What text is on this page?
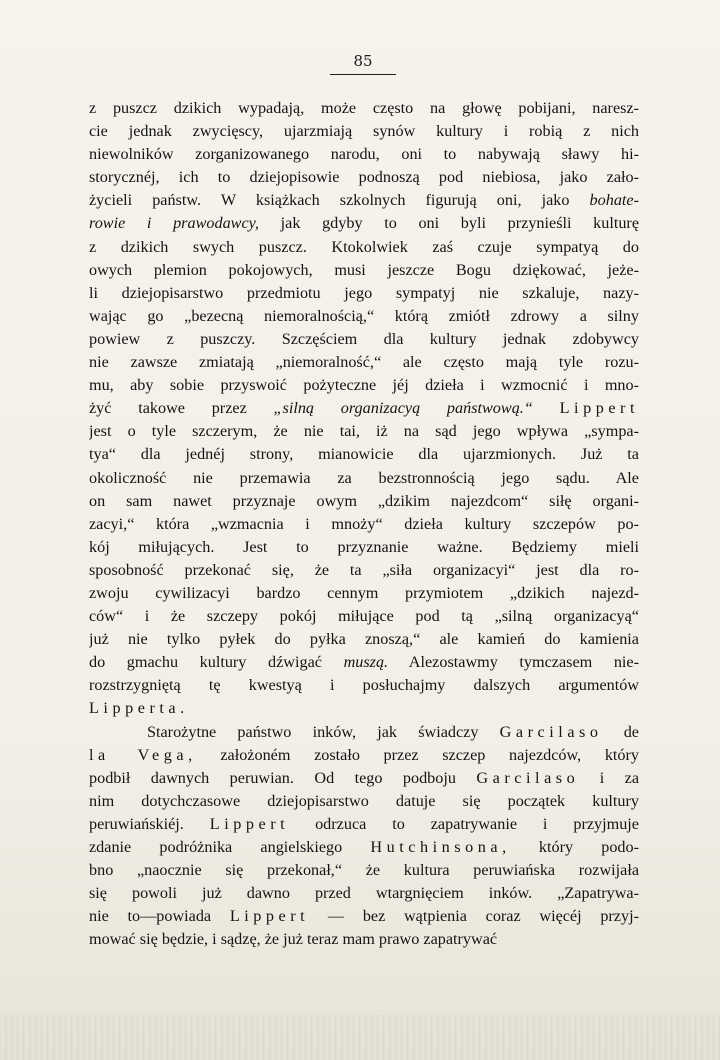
85
z puszcz dzikich wypadają, może często na głowę pobijani, naresz-
cie jednak zwycięscy, ujarzmiają synów kultury i robią z nich
niewolników zorganizowanego narodu, oni to nabywają sławy hi-
storycznéj, ich to dziejopisowie podnoszą pod niebiosa, jako zało-
życieli państw. W książkach szkolnych figurują oni, jako bohate-
rowie i prawodawcy, jak gdyby to oni byli przynieśli kulturę
z dzikich swych puszcz. Ktokolwiek zaś czuje sympatyą do
owych plemion pokojowych, musi jeszcze Bogu dziękować, jeże-
li dziejopisarstwo przedmiotu jego sympatyj nie szkaluje, nazy-
wając go „bezecną niemoralnością,“ którą zmiótł zdrowy a silny
powiew z puszczy. Szczęściem dla kultury jednak zdobywcy
nie zawsze zmiatają „niemoralność,“ ale często mają tyle rozu-
mu, aby sobie przyswoić pożyteczne jéj dzieła i wzmocnić i mno-
żyć takowe przez „silną organizacyą państwową.“ Lippert
jest o tyle szczerym, że nie tai, iż na sąd jego wpływa „sympa-
tya“ dla jednéj strony, mianowicie dla ujarzmionych. Już ta
okoliczność nie przemawia za bezstronnością jego sądu. Ale
on sam nawet przyznaje owym „dzikim najezdcom“ siłę organi-
zacyi,“ która „wzmacnia i mnoży“ dzieła kultury szczepów po-
kój miłujących. Jest to przyznanie ważne. Będziemy mieli
sposobność przekonać się, że ta „siła organizacyi“ jest dla ro-
zwoju cywilizacyi bardzo cennym przymiotem „dzikich najezd-
ców“ i że szczepy pokój miłujące pod tą „silną organizacyą“
już nie tylko pyłek do pyłka znoszą,“ ale kamień do kamienia
do gmachu kultury dźwigać muszą. Alezostawmy tymczasem nie-
rozstrzygniętą tę kwestyą i posłuchajmy dalszych argumentów
Lipperta.
Starożytne państwo inków, jak świadczy Garcilaso de
la Vega, założoném zostało przez szczep najezdców, który
podbił dawnych peruwian. Od tego podboju Garcilaso i za
nim dotychczasowe dziejopisarstwo datuje się początek kultury
peruwiańskiéj. Lippert odrzuca to zapatrywanie i przyjmuje
zdanie podróżnika angielskiego Hutchinsona, który podo-
bno „naocznie się przekonał,“ że kultura peruwiańska rozwijała
się powoli już dawno przed wtargnięciem inków. „Zapatrywa-
nie to—powiada Lippert — bez wątpienia coraz więcéj przyj-
mować się będzie, i sądzę, że już teraz mam prawo zapatrywać
